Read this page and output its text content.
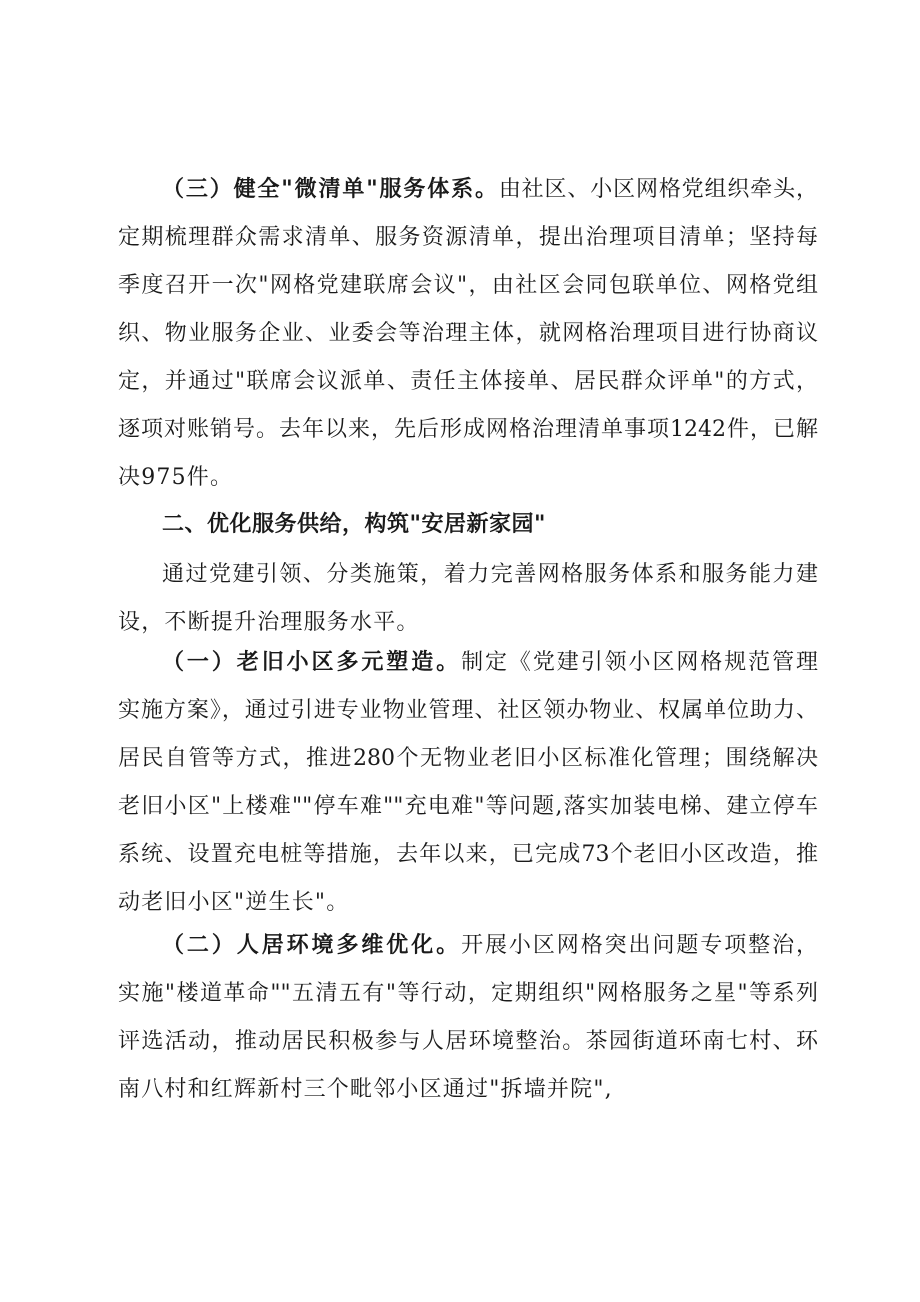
（三）健全"微清单"服务体系。由社区、小区网格党组织牵头，
定期梳理群众需求清单、服务资源清单，提出治理项目清单；坚持每
季度召开一次"网格党建联席会议"，由社区会同包联单位、网格党组
织、物业服务企业、业委会等治理主体，就网格治理项目进行协商议
定，并通过"联席会议派单、责任主体接单、居民群众评单"的方式，
逐项对账销号。去年以来，先后形成网格治理清单事项1242件，已解
决975件。
二、优化服务供给，构筑"安居新家园"
通过党建引领、分类施策，着力完善网格服务体系和服务能力建
设，不断提升治理服务水平。
（一）老旧小区多元塑造。制定《党建引领小区网格规范管理
实施方案》，通过引进专业物业管理、社区领办物业、权属单位助力、
居民自管等方式，推进280个无物业老旧小区标准化管理；围绕解决
老旧小区"上楼难""停车难""充电难"等问题,落实加装电梯、建立停车
系统、设置充电桩等措施，去年以来，已完成73个老旧小区改造，推
动老旧小区"逆生长"。
（二）人居环境多维优化。开展小区网格突出问题专项整治，
实施"楼道革命""五清五有"等行动，定期组织"网格服务之星"等系列
评选活动，推动居民积极参与人居环境整治。茶园街道环南七村、环
南八村和红辉新村三个毗邻小区通过"拆墙并院",
